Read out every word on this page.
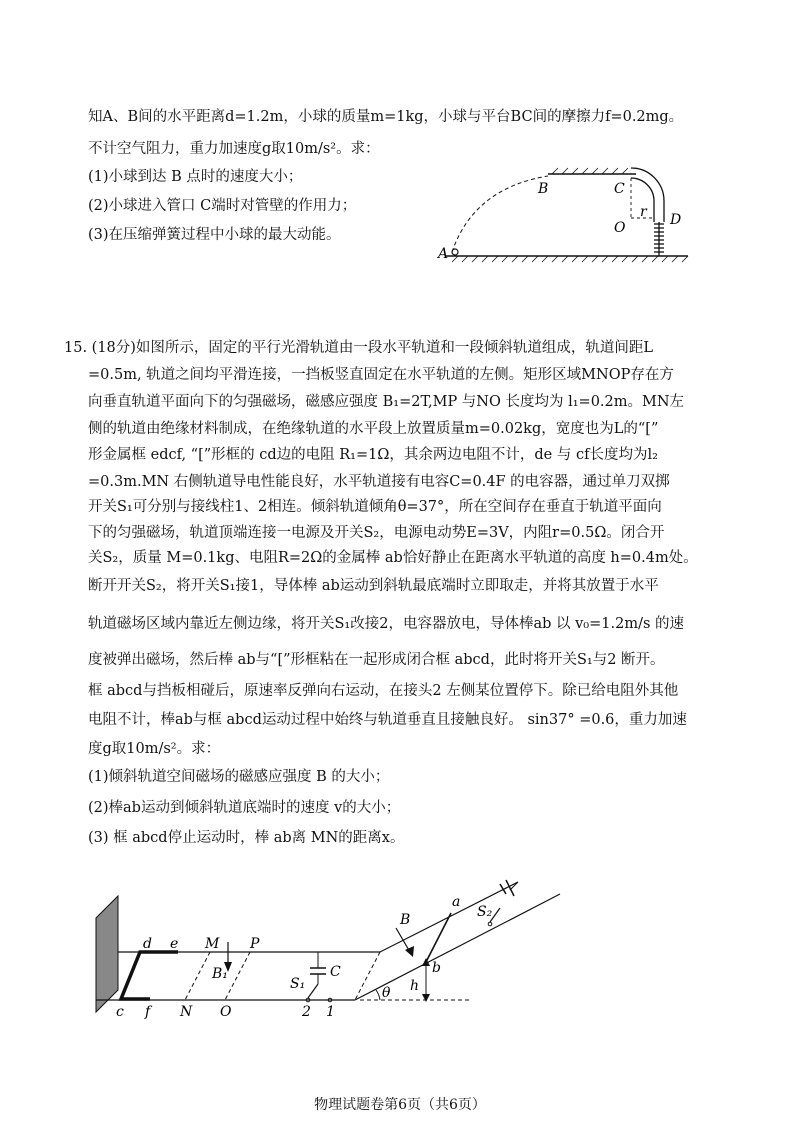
知A、B间的水平距离d=1.2m，小球的质量m=1kg，小球与平台BC间的摩擦力f=0.2mg。
不计空气阻力，重力加速度g取10m/s²。求：
(1)小球到达 B 点时的速度大小；
(2)小球进入管口 C端时对管壁的作用力；
(3)在压缩弹簧过程中小球的最大动能。
B	C
O
r D
A
15. (18分)如图所示，固定的平行光滑轨道由一段水平轨道和一段倾斜轨道组成，轨道间距L
=0.5m, 轨道之间均平滑连接，一挡板竖直固定在水平轨道的左侧。矩形区域MNOP存在方
向垂直轨道平面向下的匀强磁场，磁感应强度 B₁=2T,MP 与NO 长度均为 l₁=0.2m。MN左
侧的轨道由绝缘材料制成，在绝缘轨道的水平段上放置质量m=0.02kg，宽度也为L的“[”
形金属框 edcf, “[”形框的 cd边的电阻 R₁=1Ω，其余两边电阻不计，de 与 cf长度均为l₂
=0.3m.MN 右侧轨道导电性能良好，水平轨道接有电容C=0.4F 的电容器，通过单刀双掷
开关S₁可分别与接线柱1、2相连。倾斜轨道倾角θ=37°，所在空间存在垂直于轨道平面向
下的匀强磁场，轨道顶端连接一电源及开关S₂，电源电动势E=3V，内阻r=0.5Ω。闭合开
关S₂，质量 M=0.1kg、电阻R=2Ω的金属棒 ab恰好静止在距离水平轨道的高度 h=0.4m处。
断开开关S₂，将开关S₁接1，导体棒 ab运动到斜轨最底端时立即取走，并将其放置于水平
轨道磁场区域内靠近左侧边缘，将开关S₁改接2，电容器放电，导体棒ab 以 v₀=1.2m/s 的速
度被弹出磁场，然后棒 ab与“[”形框粘在一起形成闭合框 abcd，此时将开关S₁与2 断开。
框 abcd与挡板相碰后，原速率反弹向右运动，在接头2 左侧某位置停下。除已给电阻外其他
电阻不计，棒ab与框 abcd运动过程中始终与轨道垂直且接触良好。 sin37° =0.6，重力加速
度g取10m/s²。求：
(1)倾斜轨道空间磁场的磁感应强度 B 的大小；
(2)棒ab运动到倾斜轨道底端时的速度 v的大小；
(3) 框 abcd停止运动时，棒 ab离 MN的距离x。
d e M P
B₁	C
S₁
B
a
S₂
b
h
θ
c f N O	2 1
物理试题卷第6页（共6页）
